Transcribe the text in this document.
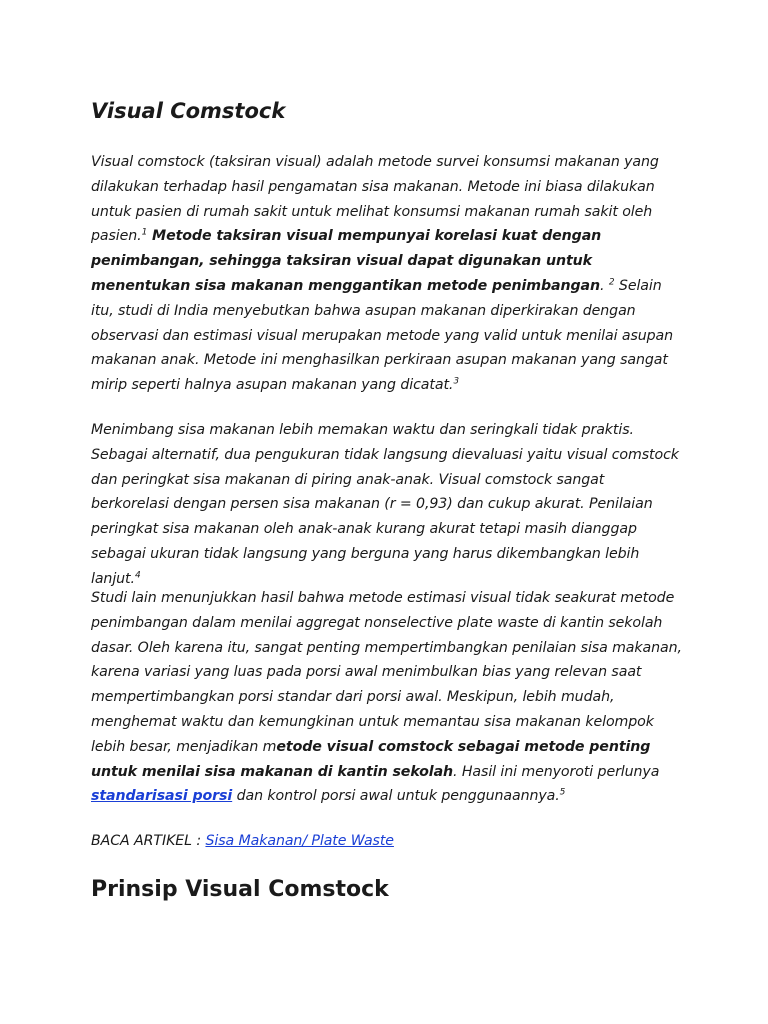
Visual Comstock

Visual comstock (taksiran visual) adalah metode survei konsumsi makanan yang dilakukan terhadap hasil pengamatan sisa makanan. Metode ini biasa dilakukan untuk pasien di rumah sakit untuk melihat konsumsi makanan rumah sakit oleh pasien.$^1$ Metode taksiran visual mempunyai korelasi kuat dengan penimbangan, sehingga taksiran visual dapat digunakan untuk menentukan sisa makanan menggantikan metode penimbangan. $^2$ Selain itu, studi di India menyebutkan bahwa asupan makanan diperkirakan dengan observasi dan estimasi visual merupakan metode yang valid untuk menilai asupan makanan anak. Metode ini menghasilkan perkiraan asupan makanan yang sangat mirip seperti halnya asupan makanan yang dicatat.$^3$

Menimbang sisa makanan lebih memakan waktu dan seringkali tidak praktis. Sebagai alternatif, dua pengukuran tidak langsung dievaluasi yaitu visual comstock dan peringkat sisa makanan di piring anak-anak. Visual comstock sangat berkorelasi dengan persen sisa makanan (r = 0,93) dan cukup akurat. Penilaian peringkat sisa makanan oleh anak-anak kurang akurat tetapi masih dianggap sebagai ukuran tidak langsung yang berguna yang harus dikembangkan lebih lanjut.$^4$

Studi lain menunjukkan hasil bahwa metode estimasi visual tidak seakurat metode penimbangan dalam menilai aggregat nonselective plate waste di kantin sekolah dasar. Oleh karena itu, sangat penting mempertimbangkan penilaian sisa makanan, karena variasi yang luas pada porsi awal menimbulkan bias yang relevan saat mempertimbangkan porsi standar dari porsi awal. Meskipun, lebih mudah, menghemat waktu dan kemungkinan untuk memantau sisa makanan kelompok lebih besar, menjadikan metode visual comstock sebagai metode penting untuk menilai sisa makanan di kantin sekolah. Hasil ini menyoroti perlunya standarisasi porsi dan kontrol porsi awal untuk penggunaannya.$^5$

BACA ARTIKEL : Sisa Makanan/ Plate Waste

Prinsip Visual Comstock
